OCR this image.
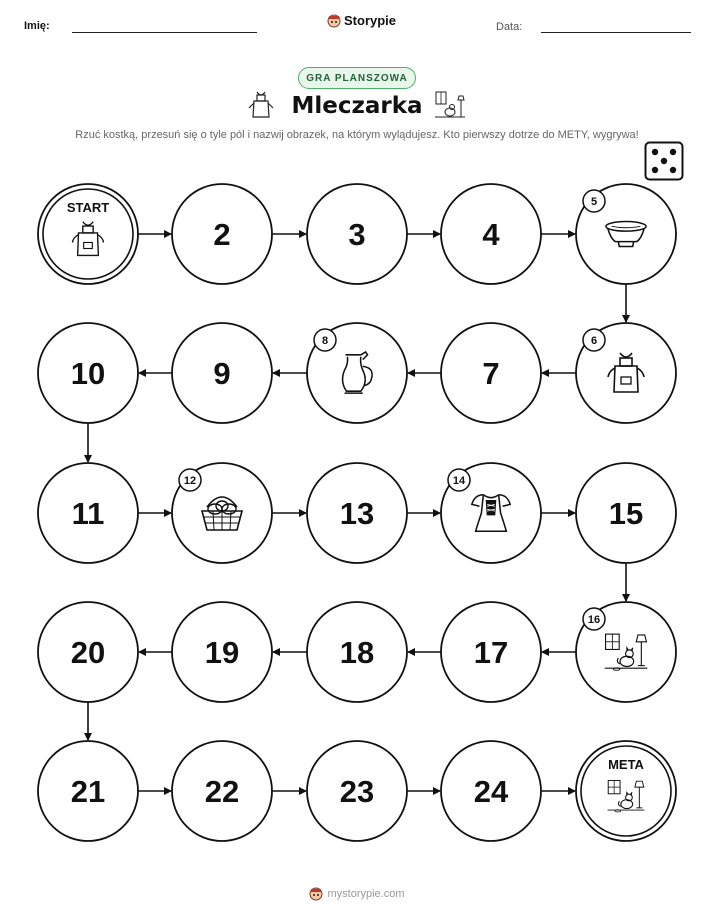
Imię:	Storypie	Data:
GRA PLANSZOWA
Mleczarka
Rzuć kostką, przesuń się o tyle pól i nazwij obrazek, na którym wylądujesz. Kto pierwszy dotrze do METY, wygrywa!
START
2	3	4
5
6
7
8
9
10
11
12
13
14
15
16
17
18
19
20
21	22	23	24
META
mystorypie.com
